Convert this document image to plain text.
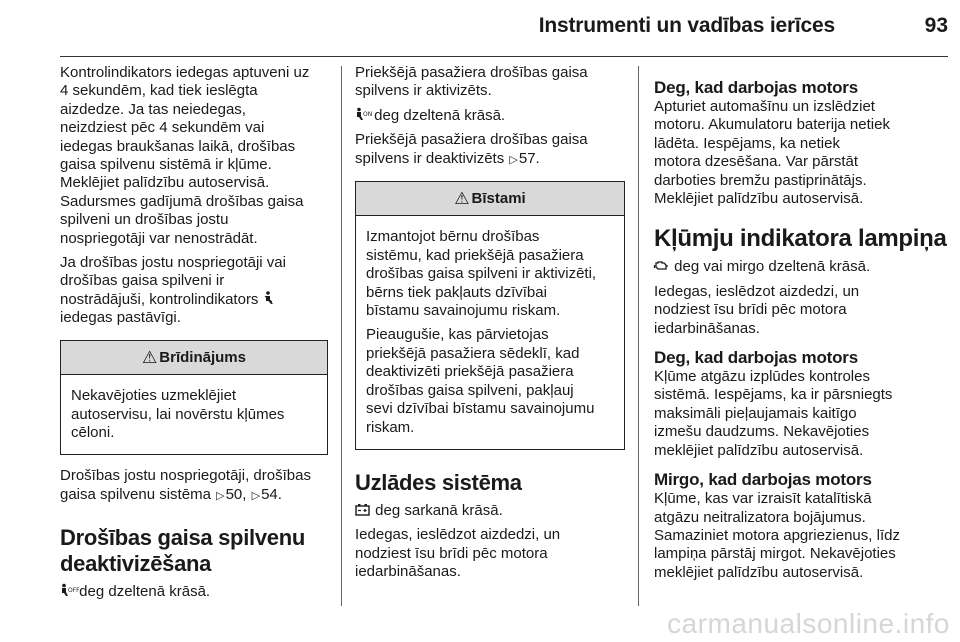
Instrumenti un vadības ierīces	93

Kontrolindikators iedegas aptuveni uz
4 sekundēm, kad tiek ieslēgta
aizdedze. Ja tas neiedegas,
neizdziest pēc 4 sekundēm vai
iedegas braukšanas laikā, drošības
gaisa spilvenu sistēmā ir kļūme.
Meklējiet palīdzību autoservisā.
Sadursmes gadījumā drošības gaisa
spilveni un drošības jostu
nospriegotāji var nenostrādāt.

Ja drošības jostu nospriegotāji vai
drošības gaisa spilveni ir
nostrādājuši, kontrolindikators
iedegas pastāvīgi.

⚠ Brīdinājums

Nekavējoties uzmeklējiet
autoservisu, lai novērstu kļūmes
cēloni.

Drošības jostu nospriegotāji, drošības
gaisa spilvenu sistēma ▷50, ▷54.

Drošības gaisa spilvenu
deaktivizēšana

OFF deg dzeltenā krāsā.

Priekšējā pasažiera drošības gaisa
spilvens ir aktivizēts.

ON deg dzeltenā krāsā.

Priekšējā pasažiera drošības gaisa
spilvens ir deaktivizēts ▷57.

⚠ Bīstami

Izmantojot bērnu drošības
sistēmu, kad priekšējā pasažiera
drošības gaisa spilveni ir aktivizēti,
bērns tiek pakļauts dzīvībai
bīstamu savainojumu riskam.

Pieaugušie, kas pārvietojas
priekšējā pasažiera sēdeklī, kad
deaktivizēti priekšējā pasažiera
drošības gaisa spilveni, pakļauj
sevi dzīvībai bīstamu savainojumu
riskam.

Uzlādes sistēma

deg sarkanā krāsā.

Iedegas, ieslēdzot aizdedzi, un
nodziest īsu brīdi pēc motora
iedarbināšanas.

Deg, kad darbojas motors

Apturiet automašīnu un izslēdziet
motoru. Akumulatoru baterija netiek
lādēta. Iespējams, ka netiek
motora dzesēšana. Var pārstāt
darboties bremžu pastiprinātājs.
Meklējiet palīdzību autoservisā.

Kļūmju indikatora lampiņa

deg vai mirgo dzeltenā krāsā.

Iedegas, ieslēdzot aizdedzi, un
nodziest īsu brīdi pēc motora
iedarbināšanas.

Deg, kad darbojas motors

Kļūme atgāzu izplūdes kontroles
sistēmā. Iespējams, ka ir pārsniegts
maksimāli pieļaujamais kaitīgo
izmešu daudzums. Nekavējoties
meklējiet palīdzību autoservisā.

Mirgo, kad darbojas motors

Kļūme, kas var izraisīt katalītiskā
atgāzu neitralizatora bojājumus.
Samaziniet motora apgriezienus, līdz
lampiņa pārstāj mirgot. Nekavējoties
meklējiet palīdzību autoservisā.

carmanualsonline.info
